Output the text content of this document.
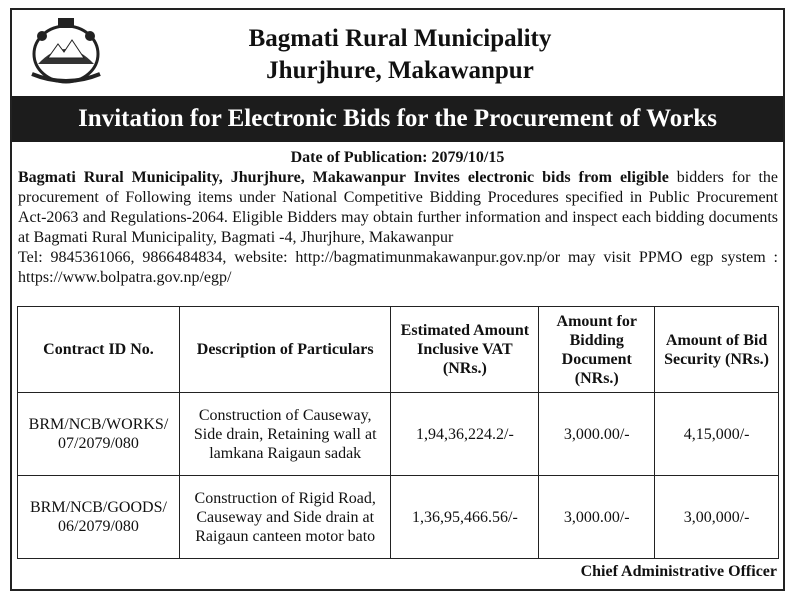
Bagmati Rural Municipality
Jhurjhure, Makawanpur
Invitation for Electronic Bids for the Procurement of Works
Date of Publication: 2079/10/15
Bagmati Rural Municipality, Jhurjhure, Makawanpur Invites electronic bids from eligible bidders for the procurement of Following items under National Competitive Bidding Procedures specified in Public Procurement Act-2063 and Regulations-2064. Eligible Bidders may obtain further information and inspect each bidding documents at Bagmati Rural Municipality, Bagmati -4, Jhurjhure, Makawanpur
Tel: 9845361066, 9866484834, website: http://bagmatimunmakawanpur.gov.np/or may visit PPMO egp system : https://www.bolpatra.gov.np/egp/
Contract ID No.	Description of Particulars	Estimated Amount Inclusive VAT (NRs.)	Amount for Bidding Document (NRs.)	Amount of Bid Security (NRs.)
BRM/NCB/WORKS/ 07/2079/080	Construction of Causeway, Side drain, Retaining wall at lamkana Raigaun sadak	1,94,36,224.2/-	3,000.00/-	4,15,000/-
BRM/NCB/GOODS/ 06/2079/080	Construction of Rigid Road, Causeway and Side drain at Raigaun canteen motor bato	1,36,95,466.56/-	3,000.00/-	3,00,000/-
Chief Administrative Officer
